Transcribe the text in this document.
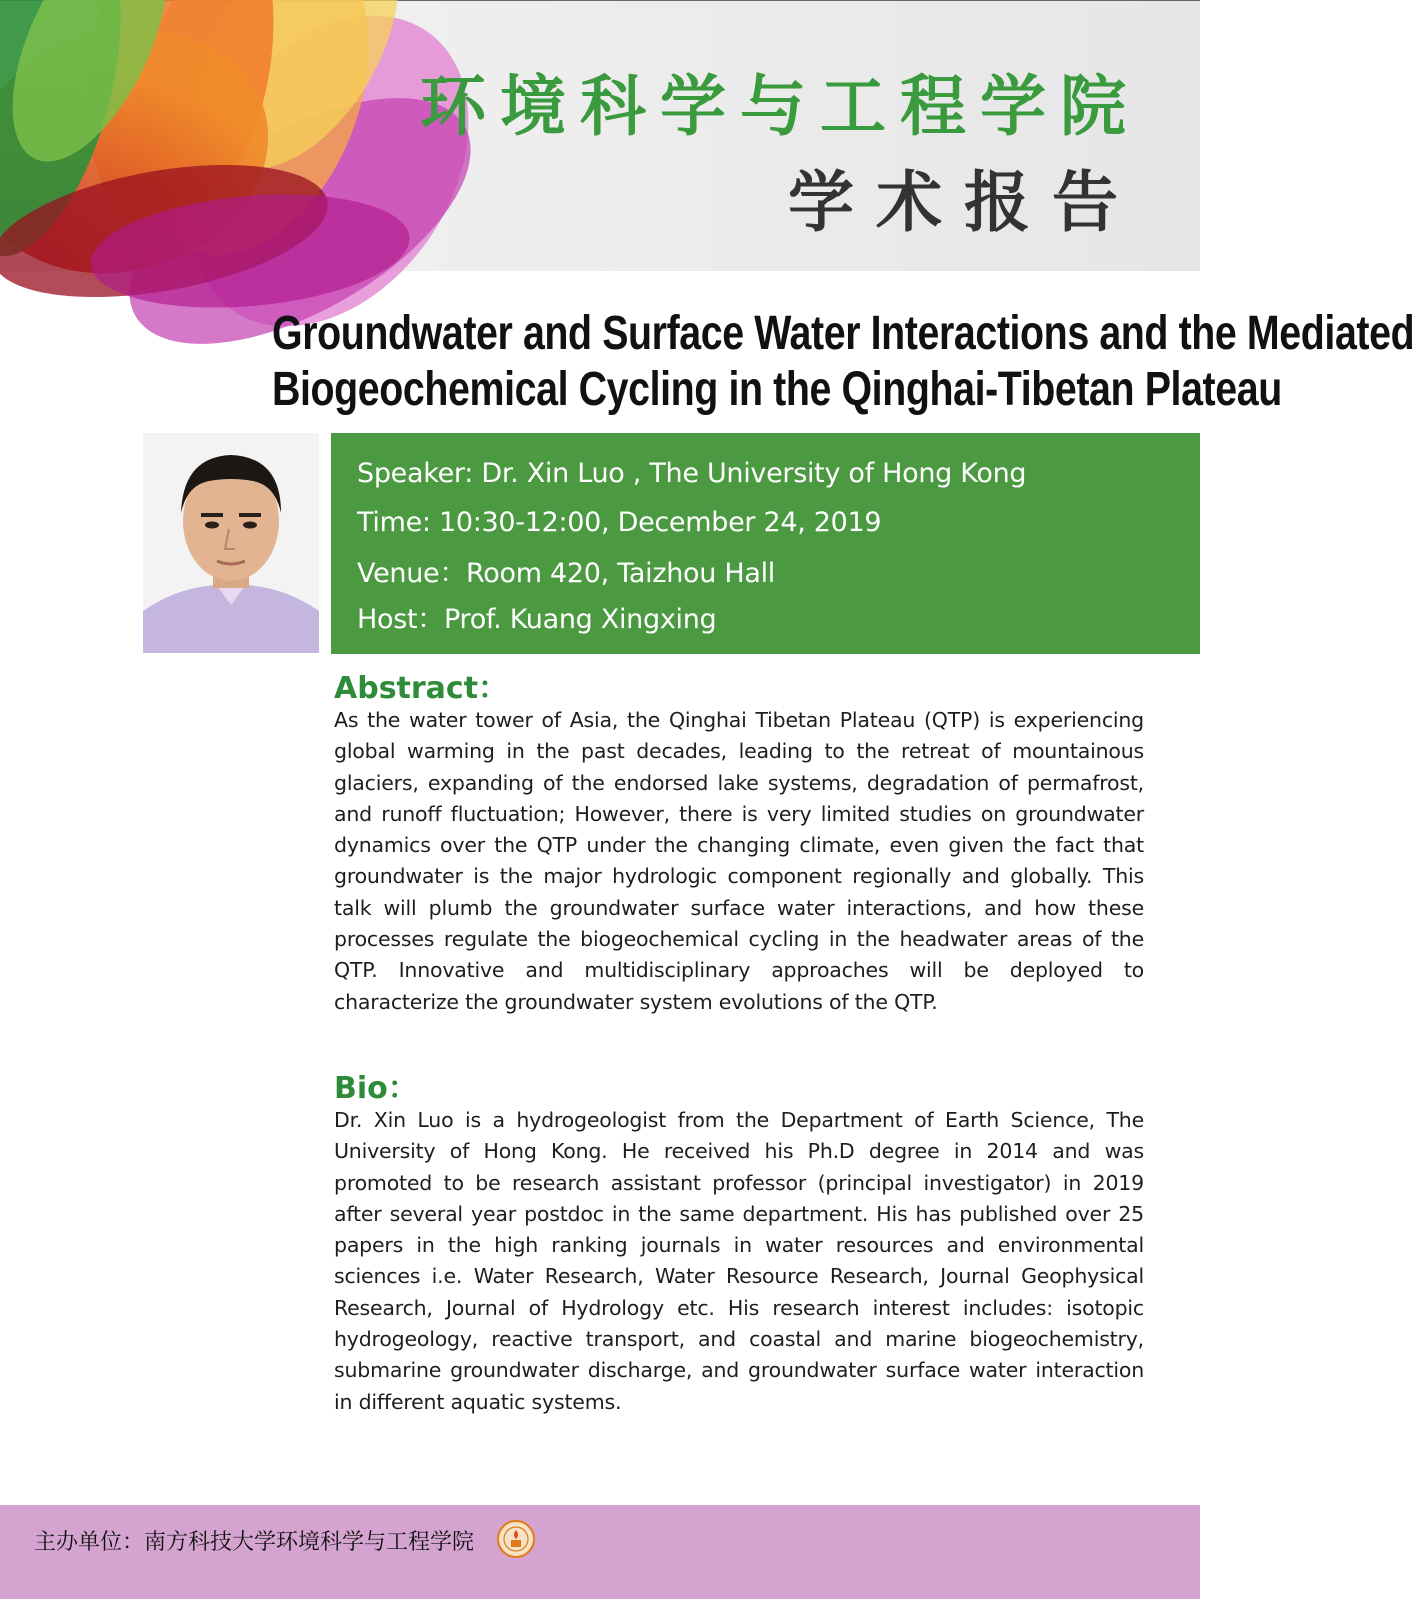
环境科学与工程学院
学术报告
Groundwater and Surface Water Interactions and the Mediated
Biogeochemical Cycling in the Qinghai-Tibetan Plateau
Speaker: Dr. Xin Luo , The University of Hong Kong
Time: 10:30-12:00, December 24, 2019
Venue：Room 420, Taizhou Hall
Host：Prof. Kuang Xingxing
Abstract：
As the water tower of Asia, the Qinghai Tibetan Plateau (QTP) is experiencing global warming in the past decades, leading to the retreat of mountainous glaciers, expanding of the endorsed lake systems, degradation of permafrost, and runoff fluctuation; However, there is very limited studies on groundwater dynamics over the QTP under the changing climate, even given the fact that groundwater is the major hydrologic component regionally and globally. This talk will plumb the groundwater surface water interactions, and how these processes regulate the biogeochemical cycling in the headwater areas of the QTP. Innovative and multidisciplinary approaches will be deployed to characterize the groundwater system evolutions of the QTP.
Bio：
Dr. Xin Luo is a hydrogeologist from the Department of Earth Science, The University of Hong Kong. He received his Ph.D degree in 2014 and was promoted to be research assistant professor (principal investigator) in 2019 after several year postdoc in the same department. His has published over 25 papers in the high ranking journals in water resources and environmental sciences i.e. Water Research, Water Resource Research, Journal Geophysical Research, Journal of Hydrology etc. His research interest includes: isotopic hydrogeology, reactive transport, and coastal and marine biogeochemistry, submarine groundwater discharge, and groundwater surface water interaction in different aquatic systems.
主办单位：南方科技大学环境科学与工程学院
